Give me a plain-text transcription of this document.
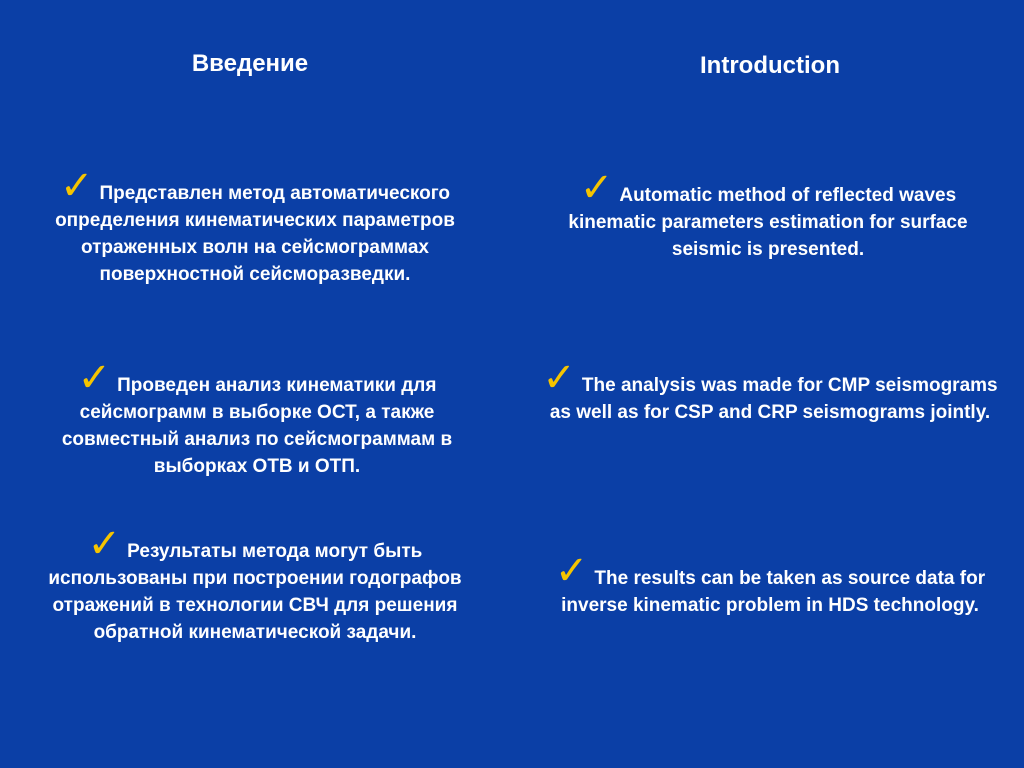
Введение	Introduction

✓ Представлен метод автоматического определения кинематических параметров отраженных волн на сейсмограммах поверхностной сейсморазведки.

✓ Проведен анализ кинематики для сейсмограмм в выборке ОСТ, а также совместный анализ по сейсмограммам в выборках ОТВ и ОТП.

✓ Результаты метода могут быть использованы при построении годографов отражений в технологии СВЧ для решения обратной кинематической задачи.

✓ Automatic method of reflected waves kinematic parameters estimation for surface seismic is presented.

✓ The analysis was made for CMP seismograms as well as for CSP and CRP seismograms jointly.

✓ The results can be taken as source data for inverse kinematic problem in HDS technology.
